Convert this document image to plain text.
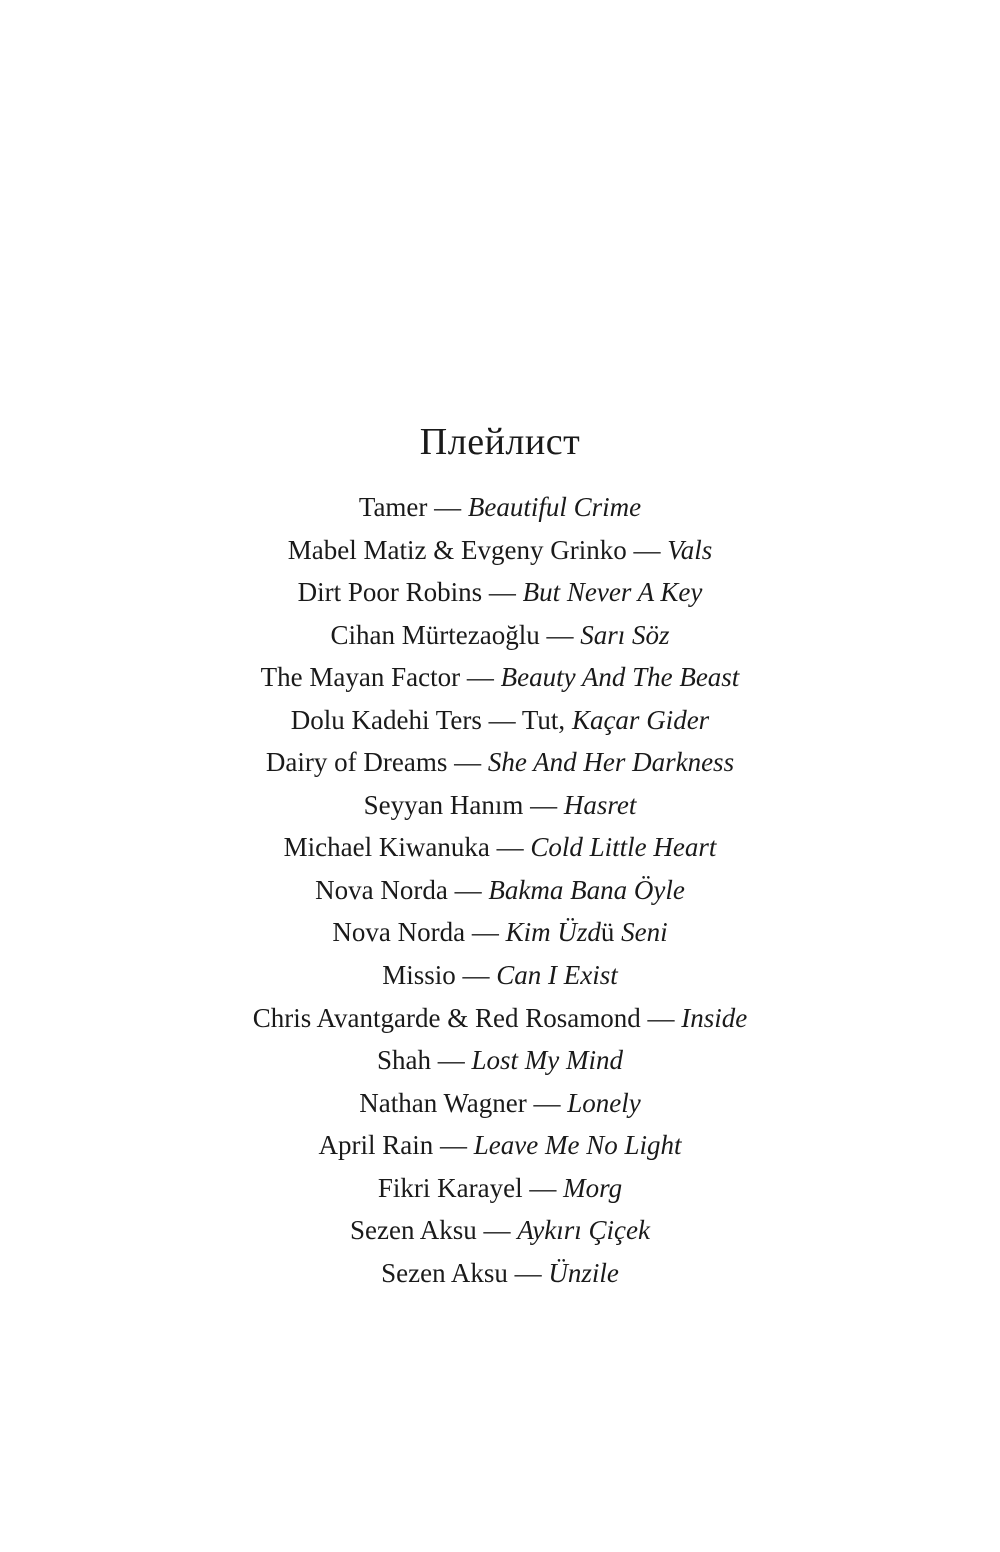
Плейлист
Tamer — Beautiful Crime
Mabel Matiz & Evgeny Grinko — Vals
Dirt Poor Robins — But Never A Key
Cihan Mürtezaoğlu — Sarı Söz
The Mayan Factor — Beauty And The Beast
Dolu Kadehi Ters — Tut, Kaçar Gider
Dairy of Dreams — She And Her Darkness
Seyyan Hanım — Hasret
Michael Kiwanuka — Cold Little Heart
Nova Norda — Bakma Bana Öyle
Nova Norda — Kim Üzdü Seni
Missio — Can I Exist
Chris Avantgarde & Red Rosamond — Inside
Shah — Lost My Mind
Nathan Wagner — Lonely
April Rain — Leave Me No Light
Fikri Karayel — Morg
Sezen Aksu — Aykırı Çiçek
Sezen Aksu — Ünzile
